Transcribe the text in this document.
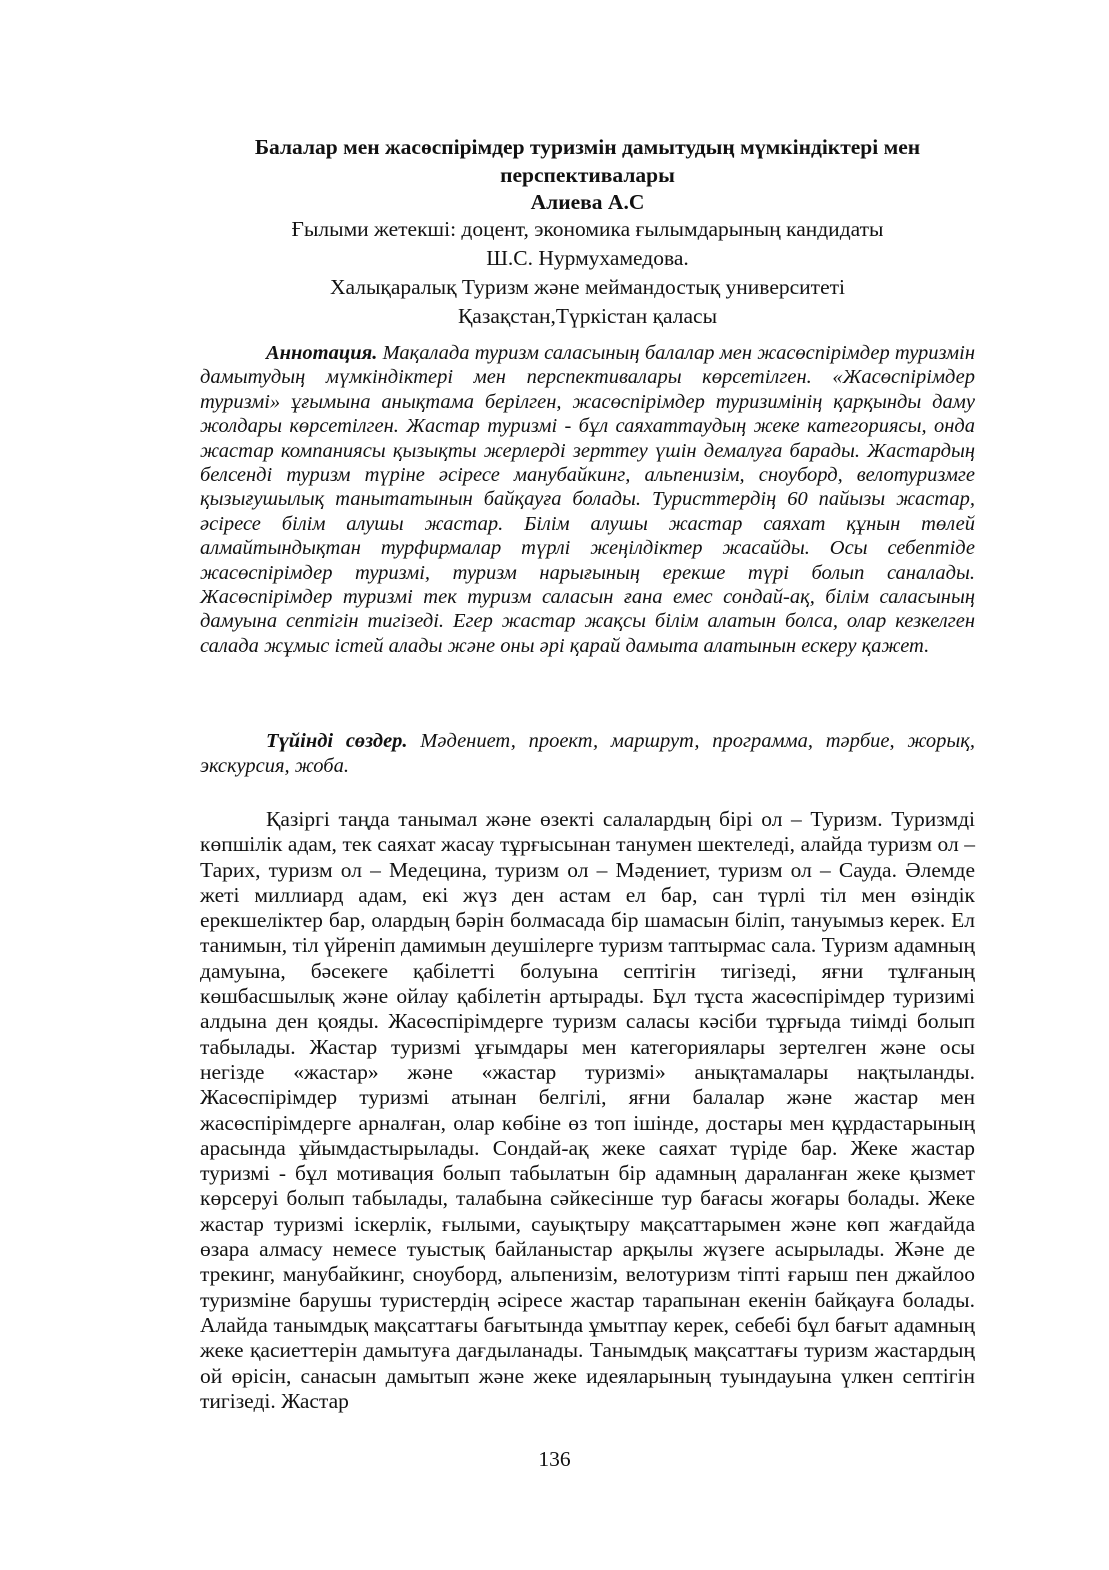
Балалар мен жасөспірімдер туризмін дамытудың мүмкіндіктері мен

перспективалары

Алиева А.С

Ғылыми жетекші: доцент, экономика ғылымдарының кандидаты

Ш.С. Нурмухамедова.

Халықаралық Туризм және меймандостық университеті

Қазақстан,Түркістан қаласы

Аннотация. Мақалада туризм саласының балалар мен жасөспірімдер туризмін дамытудың мүмкіндіктері мен перспективалары көрсетілген. «Жасөспірімдер туризмі» ұғымына анықтама берілген, жасөспірімдер туризимінің қарқынды даму жолдары көрсетілген. Жастар туризмі - бұл саяхаттаудың жеке категориясы, онда жастар компаниясы қызықты жерлерді зерттеу үшін демалуға барады. Жастардың белсенді туризм түріне әсіресе манубайкинг, альпенизім, сноуборд, велотуризмге қызығушылық танытатынын байқауға болады. Туристтердің 60 пайызы жастар, әсіресе білім алушы жастар. Білім алушы жастар саяхат құнын төлей алмайтындықтан турфирмалар түрлі жеңілдіктер жасайды. Осы себептіде жасөспірімдер туризмі, туризм нарығының ерекше түрі болып саналады. Жасөспірімдер туризмі тек туризм саласын ғана емес сондай-ақ, білім саласының дамуына септігін тигізеді. Егер жастар жақсы білім алатын болса, олар кезкелген салада жұмыс істей алады және оны әрі қарай дамыта алатынын ескеру қажет.

Түйінді сөздер. Мәдениет, проект, маршрут, программа, тәрбие, жорық, экскурсия, жоба.

Қазіргі таңда танымал және өзекті салалардың бірі ол – Туризм. Туризмді көпшілік адам, тек саяхат жасау тұрғысынан танумен шектеледі, алайда туризм ол – Тарих, туризм ол – Медецина, туризм ол – Мәдениет, туризм ол – Сауда. Әлемде жеті миллиард адам, екі жүз ден астам ел бар, сан түрлі тіл мен өзіндік ерекшеліктер бар, олардың бәрін болмасада бір шамасын біліп, тануымыз керек. Ел танимын, тіл үйреніп дамимын деушілерге туризм таптырмас сала. Туризм адамның дамуына, бәсекеге қабілетті болуына септігін тигізеді, яғни тұлғаның көшбасшылық және ойлау қабілетін артырады. Бұл тұста жасөспірімдер туризимі алдына ден қояды. Жасөспірімдерге туризм саласы кәсіби тұрғыда тиімді болып табылады. Жастар туризмі ұғымдары мен категориялары зертелген және осы негізде «жастар» және «жастар туризмі» анықтамалары нақтыланды. Жасөспірімдер туризмі атынан белгілі, яғни балалар және жастар мен жасөспірімдерге арналған, олар көбіне өз топ ішінде, достары мен құрдастарының арасында ұйымдастырылады. Сондай-ақ жеке саяхат түріде бар. Жеке жастар туризмі - бұл мотивация болып табылатын бір адамның дараланған жеке қызмет көрсеруі болып табылады, талабына сәйкесінше тур бағасы жоғары болады. Жеке жастар туризмі іскерлік, ғылыми, сауықтыру мақсаттарымен және көп жағдайда өзара алмасу немесе туыстық байланыстар арқылы жүзеге асырылады. Және де трекинг, манубайкинг, сноуборд, альпенизім, велотуризм тіпті ғарыш пен джайлоо туризміне барушы туристердің әсіресе жастар тарапынан екенін байқауға болады. Алайда танымдық мақсаттағы бағытында ұмытпау керек, себебі бұл бағыт адамның жеке қасиеттерін дамытуға дағдыланады. Танымдық мақсаттағы туризм жастардың ой өрісін, санасын дамытып және жеке идеяларының туындауына үлкен септігін тигізеді. Жастар

136
